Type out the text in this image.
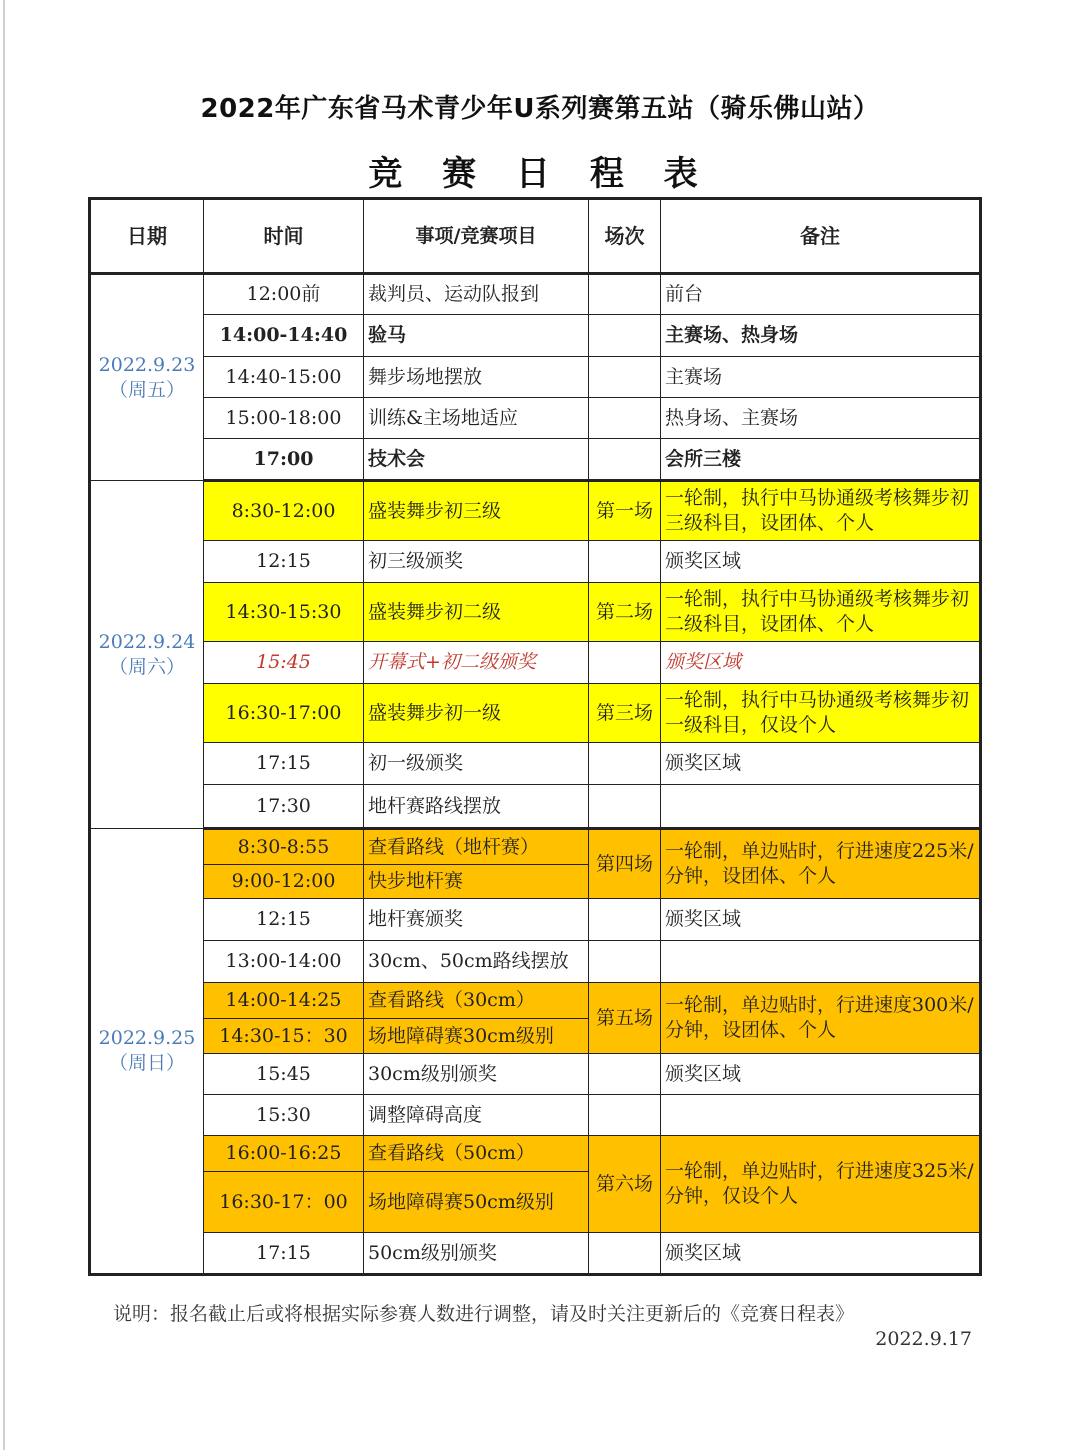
2022年广东省马术青少年U系列赛第五站（骑乐佛山站）
竞 赛 日 程 表
日期	时间	事项/竞赛项目	场次	备注

2022.9.23
（周五）	12:00前	裁判员、运动队报到		前台
	14:00-14:40	验马		主赛场、热身场
	14:40-15:00	舞步场地摆放		主赛场
	15:00-18:00	训练&主场地适应		热身场、主赛场
	17:00	技术会		会所三楼

2022.9.24
（周六）	8:30-12:00	盛装舞步初三级	第一场	一轮制，执行中马协通级考核舞步初三级科目，设团体、个人
	12:15	初三级颁奖		颁奖区域
	14:30-15:30	盛装舞步初二级	第二场	一轮制，执行中马协通级考核舞步初二级科目，设团体、个人
	15:45	开幕式+初二级颁奖		颁奖区域
	16:30-17:00	盛装舞步初一级	第三场	一轮制，执行中马协通级考核舞步初一级科目，仅设个人
	17:15	初一级颁奖		颁奖区域
	17:30	地杆赛路线摆放		

2022.9.25
（周日）	8:30-8:55	查看路线（地杆赛）	第四场	一轮制，单边贴时，行进速度225米/分钟，设团体、个人
	9:00-12:00	快步地杆赛		
	12:15	地杆赛颁奖		颁奖区域
	13:00-14:00	30cm、50cm路线摆放		
	14:00-14:25	查看路线（30cm）	第五场	一轮制，单边贴时，行进速度300米/分钟，设团体、个人
	14:30-15：30	场地障碍赛30cm级别		
	15:45	30cm级别颁奖		颁奖区域
	15:30	调整障碍高度		
	16:00-16:25	查看路线（50cm）	第六场	一轮制，单边贴时，行进速度325米/分钟，仅设个人
	16:30-17：00	场地障碍赛50cm级别		
	17:15	50cm级别颁奖		颁奖区域
说明：报名截止后或将根据实际参赛人数进行调整，请及时关注更新后的《竞赛日程表》
2022.9.17
